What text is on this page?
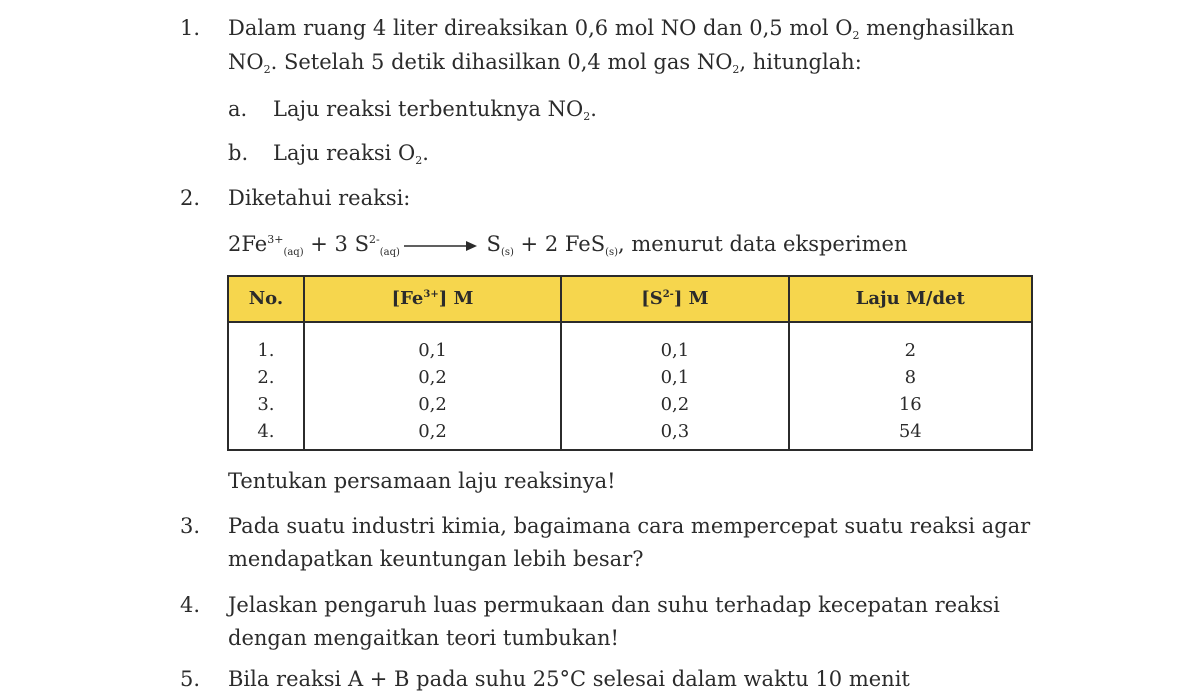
1.	Dalam ruang 4 liter direaksikan 0,6 mol NO dan 0,5 mol $O_2$ menghasilkan
$NO_2$. Setelah 5 detik dihasilkan 0,4 mol gas $NO_2$, hitunglah:
a.	Laju reaksi terbentuknya $NO_2$.
b.	Laju reaksi $O_2$.
2.	Diketahui reaksi:
$2Fe^{3+}_{(aq)} + 3$ $S^{2-}_{(aq)} \to S_{(s)} + 2$ FeS$_{(s)}$, menurut data eksperimen
No.	$[Fe^{3+}]$ M	$[S^{2-}]$ M	Laju M/det
1.	0,1	0,1	2
2.	0,2	0,1	8
3.	0,2	0,2	16
4.	0,2	0,3	54
Tentukan persamaan laju reaksinya!
3.	Pada suatu industri kimia, bagaimana cara mempercepat suatu reaksi agar
mendapatkan keuntungan lebih besar?
4.	Jelaskan pengaruh luas permukaan dan suhu terhadap kecepatan reaksi
dengan mengaitkan teori tumbukan!
5.	Bila reaksi A + B pada suhu 25°C selesai dalam waktu 10 menit
